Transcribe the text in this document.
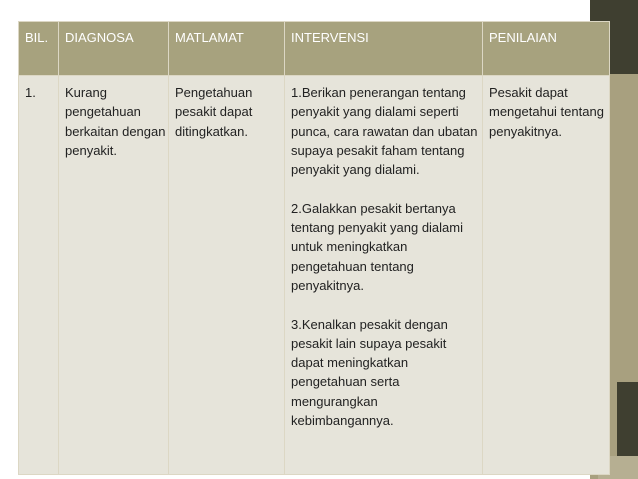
BIL.	DIAGNOSA	MATLAMAT	INTERVENSI	PENILAIAN

1.	Kurang pengetahuan berkaitan dengan penyakit.	Pengetahuan pesakit dapat ditingkatkan.	1.Berikan penerangan tentang penyakit yang dialami seperti punca, cara rawatan dan ubatan supaya pesakit faham tentang penyakit yang dialami.
2.Galakkan pesakit bertanya tentang penyakit yang dialami untuk meningkatkan pengetahuan tentang penyakitnya.
3.Kenalkan pesakit dengan pesakit lain supaya pesakit dapat meningkatkan pengetahuan serta mengurangkan kebimbangannya.	Pesakit dapat mengetahui tentang penyakitnya.
